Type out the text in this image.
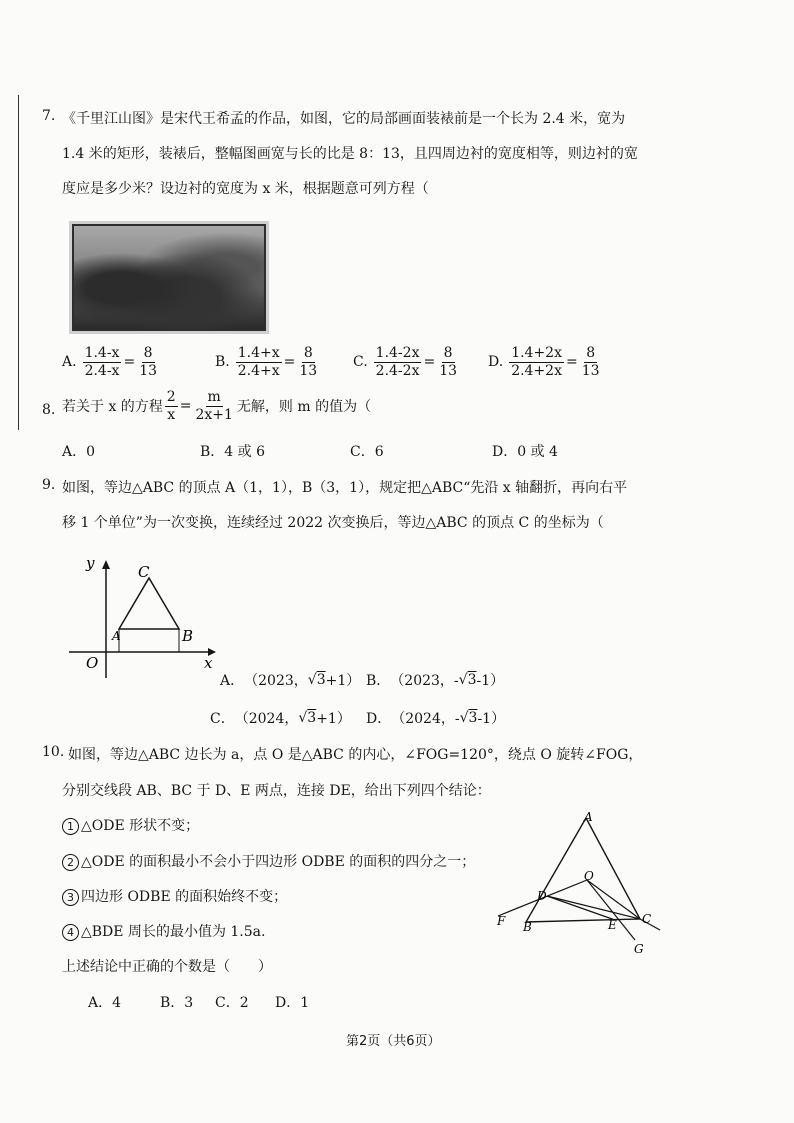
7. 《千里江山图》是宋代王希孟的作品，如图，它的局部画面装裱前是一个长为 2.4 米，宽为
1.4 米的矩形，装裱后，整幅图画宽与长的比是 8：13，且四周边衬的宽度相等，则边衬的宽
度应是多少米？设边衬的宽度为 x 米，根据题意可列方程（
A. $\frac{1.4-x}{2.4-x} = \frac{8}{13}$	B. $\frac{1.4+x}{2.4+x} = \frac{8}{13} C$. $\frac{1.4-2x}{2.4-2x} = \frac{8}{13} D$. $\frac{1.4+2x}{2.4+2x} = \frac{8}{13}$
8. 若关于 x 的方程 $\frac{2}{x} = \frac{m}{2x+1}$ 无解，则 m 的值为（
A．0	B．4 或 6	C．6	D．0 或 4
9. 如图，等边△ABC 的顶点 A（1，1），B（3，1），规定把△ABC“先沿 x 轴翻折，再向右平
移 1 个单位”为一次变换，连续经过 2022 次变换后，等边△ABC 的顶点 C 的坐标为（
y
x
O
A	B
C
A． （2023， √3 +1） B． （2023，- √3 -1）
C． （2024， √3 +1） D． （2024，- √3 -1）
10. 如图，等边△ABC 边长为 a，点 O 是△ABC 的内心，∠FOG=120°，绕点 O 旋转∠FOG，
分别交线段 AB、BC 于 D、E 两点，连接 DE，给出下列四个结论：
1 △ODE 形状不变；
2 △ODE 的面积最小不会小于四边形 ODBE 的面积的四分之一；
3 四边形 ODBE 的面积始终不变；
4 △BDE 周长的最小值为 1.5a.
上述结论中正确的个数是（　　）
A．4	B．3 C．2 D．1
A
O
D
F B	E C
G
第2页（共6页）
